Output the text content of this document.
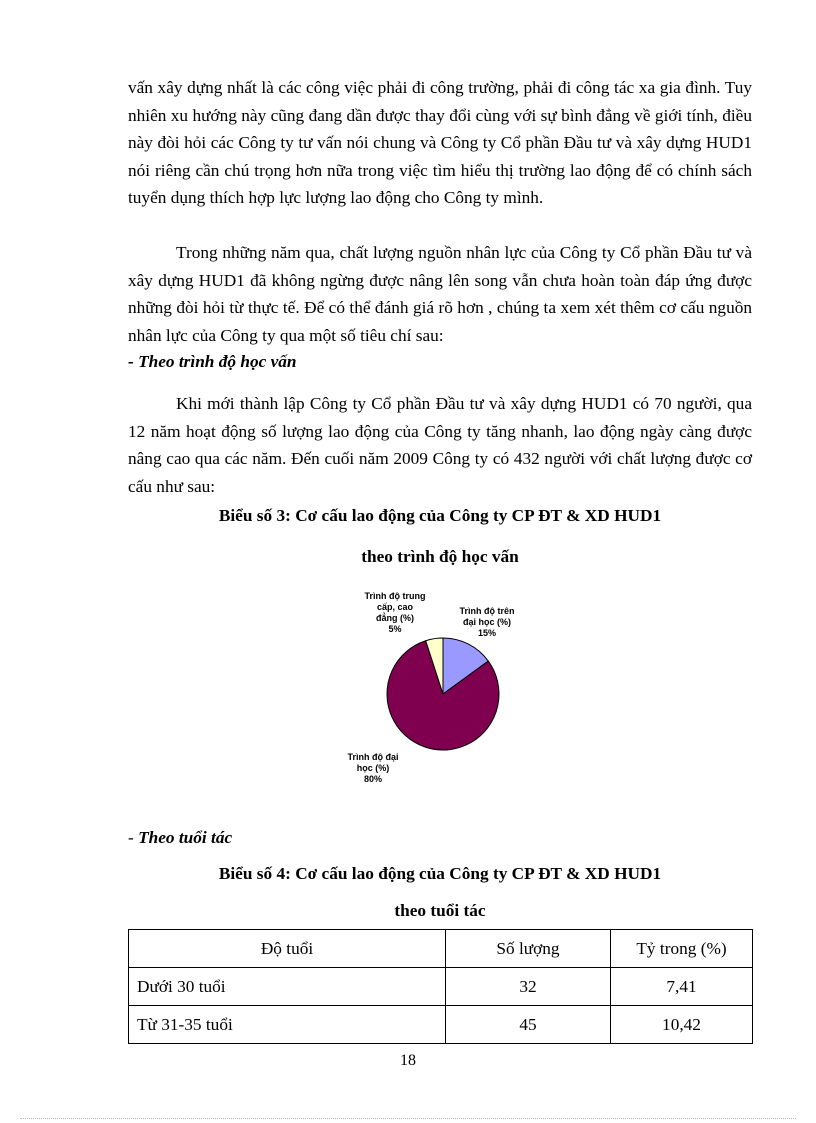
vấn xây dựng nhất là các công việc phải đi công trường, phải đi công tác xa gia đình. Tuy nhiên xu hướng này cũng đang dần được thay đổi cùng với sự bình đẳng về giới tính, điều này đòi hỏi các Công ty tư vấn nói chung và Công ty Cổ phần Đầu tư và xây dựng HUD1 nói riêng cần chú trọng hơn nữa trong việc tìm hiểu thị trường lao động để có chính sách tuyển dụng thích hợp lực lượng lao động cho Công ty mình.

Trong những năm qua, chất lượng nguồn nhân lực của Công ty Cổ phần Đầu tư và xây dựng HUD1 đã không ngừng được nâng lên song vẫn chưa hoàn toàn đáp ứng được những đòi hỏi từ thực tế. Để có thể đánh giá rõ hơn , chúng ta xem xét thêm cơ cấu nguồn nhân lực của Công ty qua một số tiêu chí sau:

- Theo trình độ học vấn

Khi mới thành lập Công ty Cổ phần Đầu tư và xây dựng HUD1 có 70 người, qua 12 năm hoạt động số lượng lao động của Công ty tăng nhanh, lao động ngày càng được nâng cao qua các năm. Đến cuối năm 2009 Công ty có 432 người với chất lượng được cơ cấu như sau:

Biểu số 3: Cơ cấu lao động của Công ty CP ĐT & XD HUD1

theo trình độ học vấn

Trình độ trên đại học (%) 15%
Trình độ đại học (%) 80%
Trình độ trung cấp, cao đẳng (%) 5%

- Theo tuổi tác

Biểu số 4: Cơ cấu lao động của Công ty CP ĐT & XD HUD1

theo tuổi tác

Độ tuổi	Số lượng	Tỷ trong (%)
Dưới 30 tuổi	32	7,41
Từ 31-35 tuổi	45	10,42
18
